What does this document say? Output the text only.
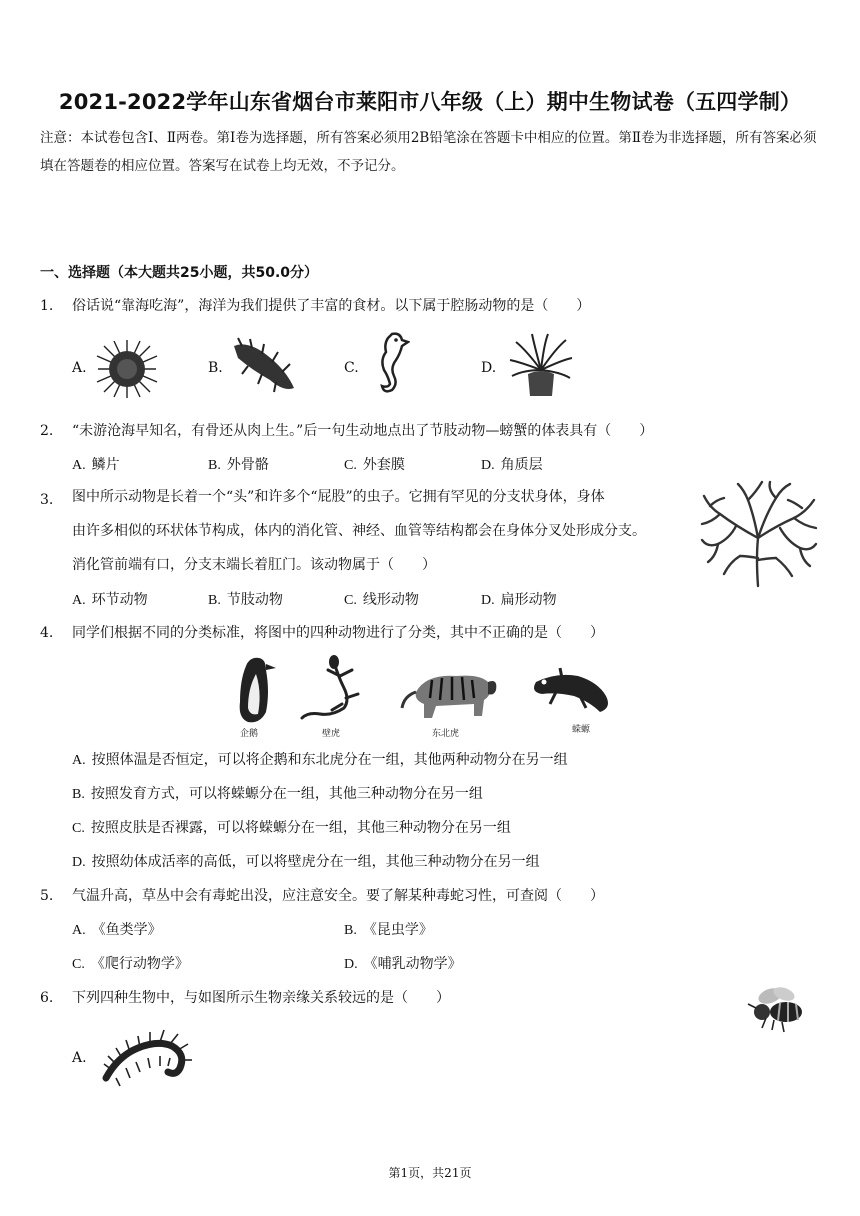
2021-2022学年山东省烟台市莱阳市八年级（上）期中生物试卷（五四学制）
注意：本试卷包含Ⅰ、Ⅱ两卷。第Ⅰ卷为选择题，所有答案必须用2B铅笔涂在答题卡中相应的位置。第Ⅱ卷为非选择题，所有答案必须填在答题卷的相应位置。答案写在试卷上均无效，不予记分。
一、选择题（本大题共25小题，共50.0分）
1. 俗话说“靠海吃海”，海洋为我们提供了丰富的食材。以下属于腔肠动物的是（　　）
A.	B.	C.	D.
2. “未游沧海早知名，有骨还从肉上生。”后一句生动地点出了节肢动物—螃蟹的体表具有（　　）
A. 鳞片	B. 外骨骼	C. 外套膜	D. 角质层
3. 图中所示动物是长着一个“头”和许多个“屁股”的虫子。它拥有罕见的分支状身体，身体
由许多相似的环状体节构成，体内的消化管、神经、血管等结构都会在身体分叉处形成分支。
消化管前端有口，分支末端长着肛门。该动物属于（　　）
A. 环节动物	B. 节肢动物	C. 线形动物	D. 扁形动物
4. 同学们根据不同的分类标准，将图中的四种动物进行了分类，其中不正确的是（　　）
企鹅	壁虎	东北虎	蝾螈
A. 按照体温是否恒定，可以将企鹅和东北虎分在一组，其他两种动物分在另一组
B. 按照发育方式，可以将蝾螈分在一组，其他三种动物分在另一组
C. 按照皮肤是否裸露，可以将蝾螈分在一组，其他三种动物分在另一组
D. 按照幼体成活率的高低，可以将壁虎分在一组，其他三种动物分在另一组
5. 气温升高，草丛中会有毒蛇出没，应注意安全。要了解某种毒蛇习性，可查阅（　　）
A. 《鱼类学》	B. 《昆虫学》
C. 《爬行动物学》	D. 《哺乳动物学》
6. 下列四种生物中，与如图所示生物亲缘关系较远的是（　　）
A.
第1页，共21页
